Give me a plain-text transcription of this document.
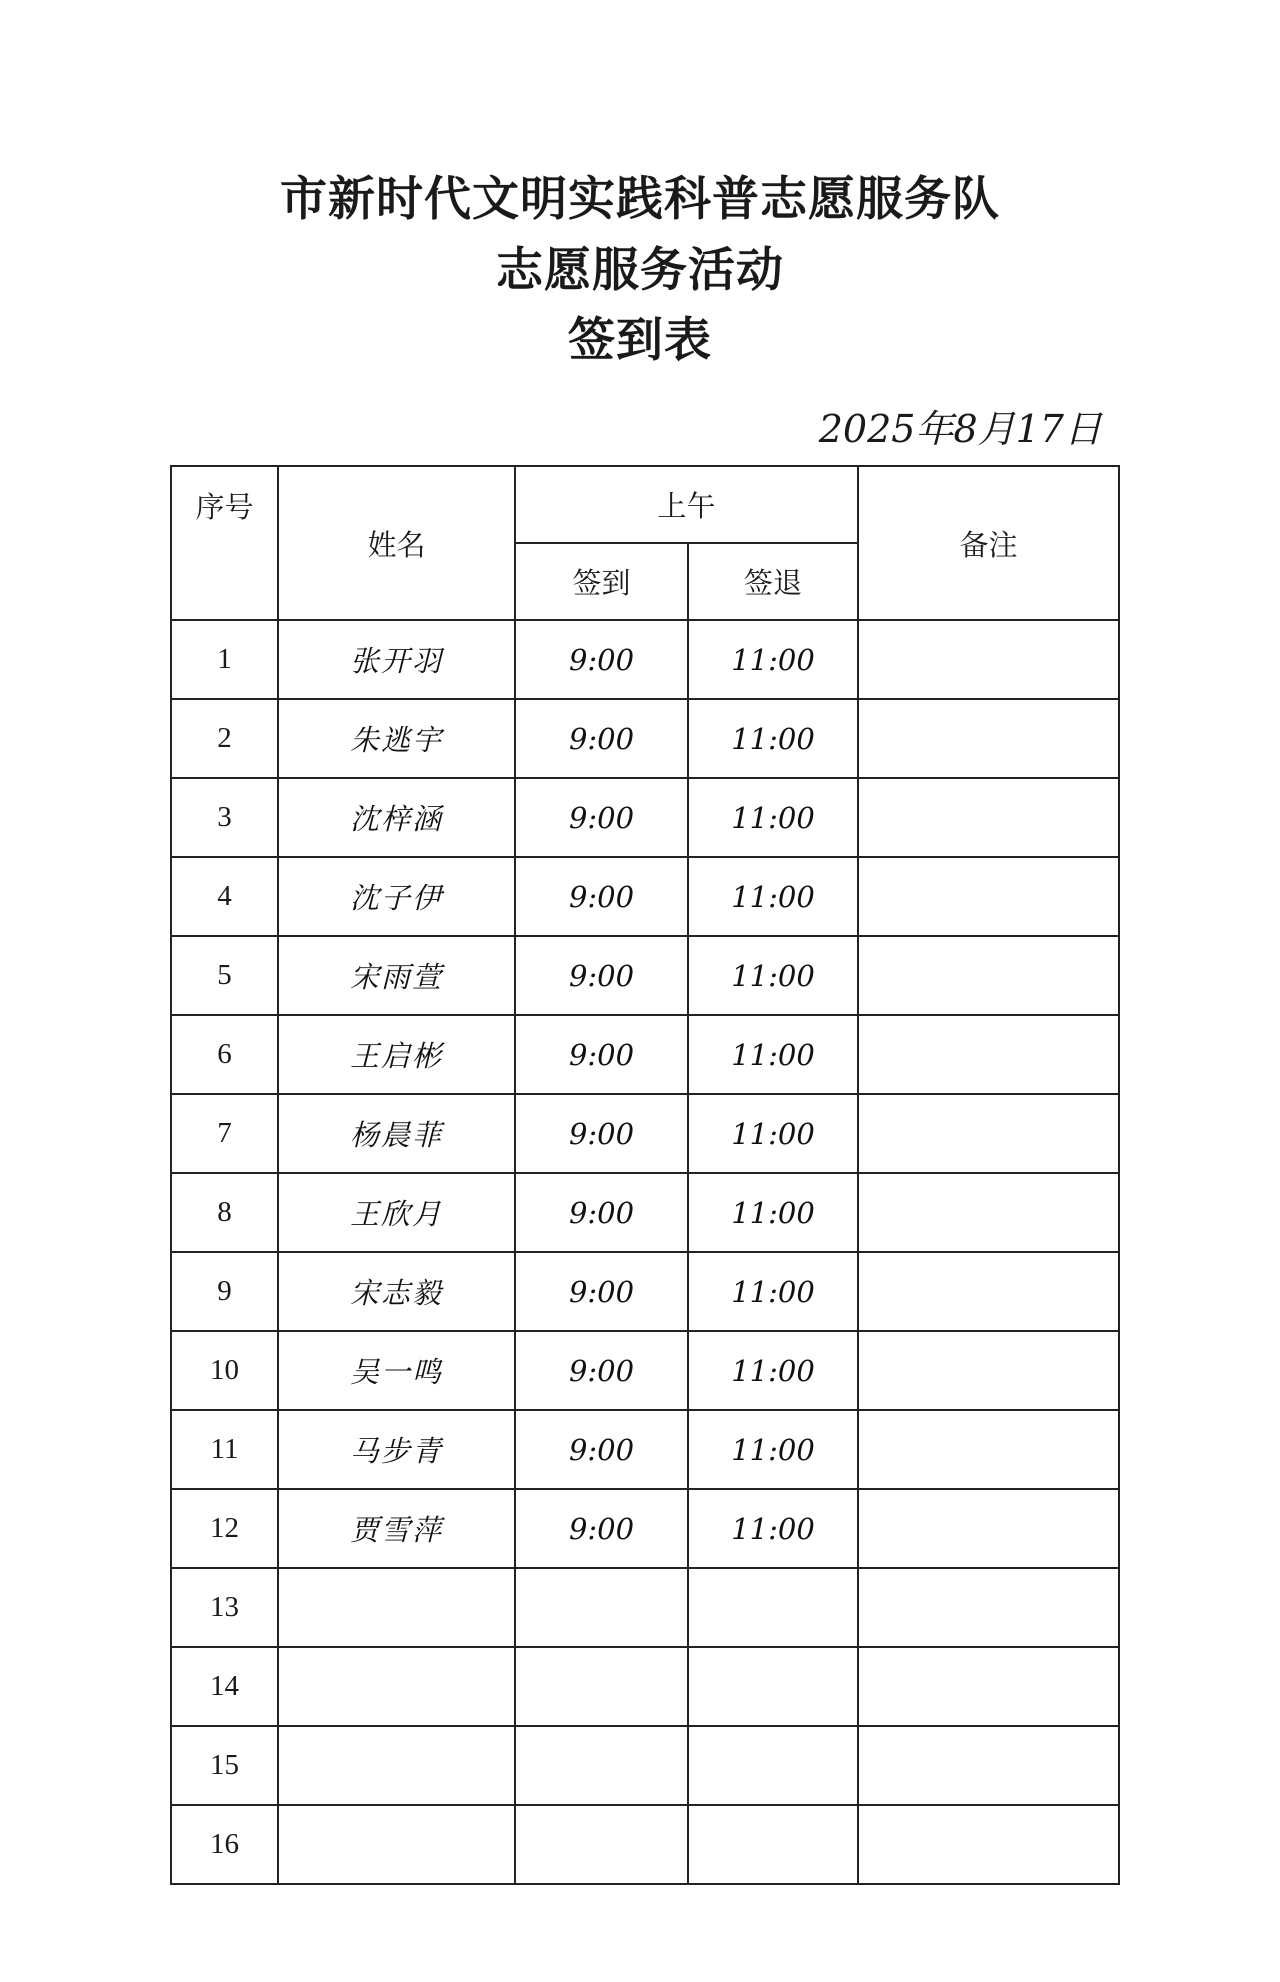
市新时代文明实践科普志愿服务队
志愿服务活动
签到表
2025年8月17日
序号	姓名	上午		备注
		签到	签退	
1	张开羽	9:00	11:00	
2	朱逃宇	9:00	11:00	
3	沈梓涵	9:00	11:00	
4	沈子伊	9:00	11:00	
5	宋雨萱	9:00	11:00	
6	王启彬	9:00	11:00	
7	杨晨菲	9:00	11:00	
8	王欣月	9:00	11:00	
9	宋志毅	9:00	11:00	
10	吴一鸣	9:00	11:00	
11	马步青	9:00	11:00	
12	贾雪萍	9:00	11:00	
13				
14				
15				
16				
